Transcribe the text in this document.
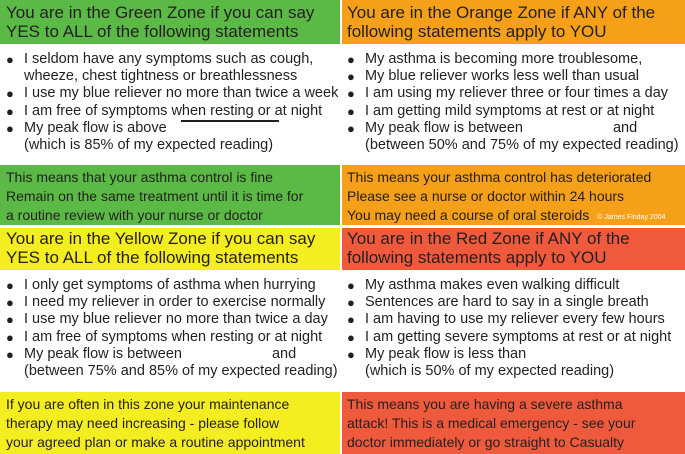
You are in the Green Zone if you can say
YES to ALL of the following statements
You are in the Orange Zone if ANY of the
following statements apply to YOU
● I seldom have any symptoms such as cough,
wheeze, chest tightness or breathlessness
● I use my blue reliever no more than twice a week
● I am free of symptoms when resting or at night
● My peak flow is above
(which is 85% of my expected reading)
● My asthma is becoming more troublesome,
● My blue reliever works less well than usual
● I am using my reliever three or four times a day
● I am getting mild symptoms at rest or at night
● My peak flow is between	and
(between 50% and 75% of my expected reading)
This means that your asthma control is fine
Remain on the same treatment until it is time for
a routine review with your nurse or doctor
This means your asthma control has deteriorated
Please see a nurse or doctor within 24 hours
You may need a course of oral steroids © James Finday 2004
You are in the Yellow Zone if you can say
YES to ALL of the following statements
You are in the Red Zone if ANY of the
following statements apply to YOU
● I only get symptoms of asthma when hurrying
● I need my reliever in order to exercise normally
● I use my blue reliever no more than twice a day
● I am free of symptoms when resting or at night
● My peak flow is between	and
(between 75% and 85% of my expected reading)
● My asthma makes even walking difficult
● Sentences are hard to say in a single breath
● I am having to use my reliever every few hours
● I am getting severe symptoms at rest or at night
● My peak flow is less than
(which is 50% of my expected reading)
If you are often in this zone your maintenance
therapy may need increasing - please follow
your agreed plan or make a routine appointment
This means you are having a severe asthma
attack! This is a medical emergency - see your
doctor immediately or go straight to Casualty
